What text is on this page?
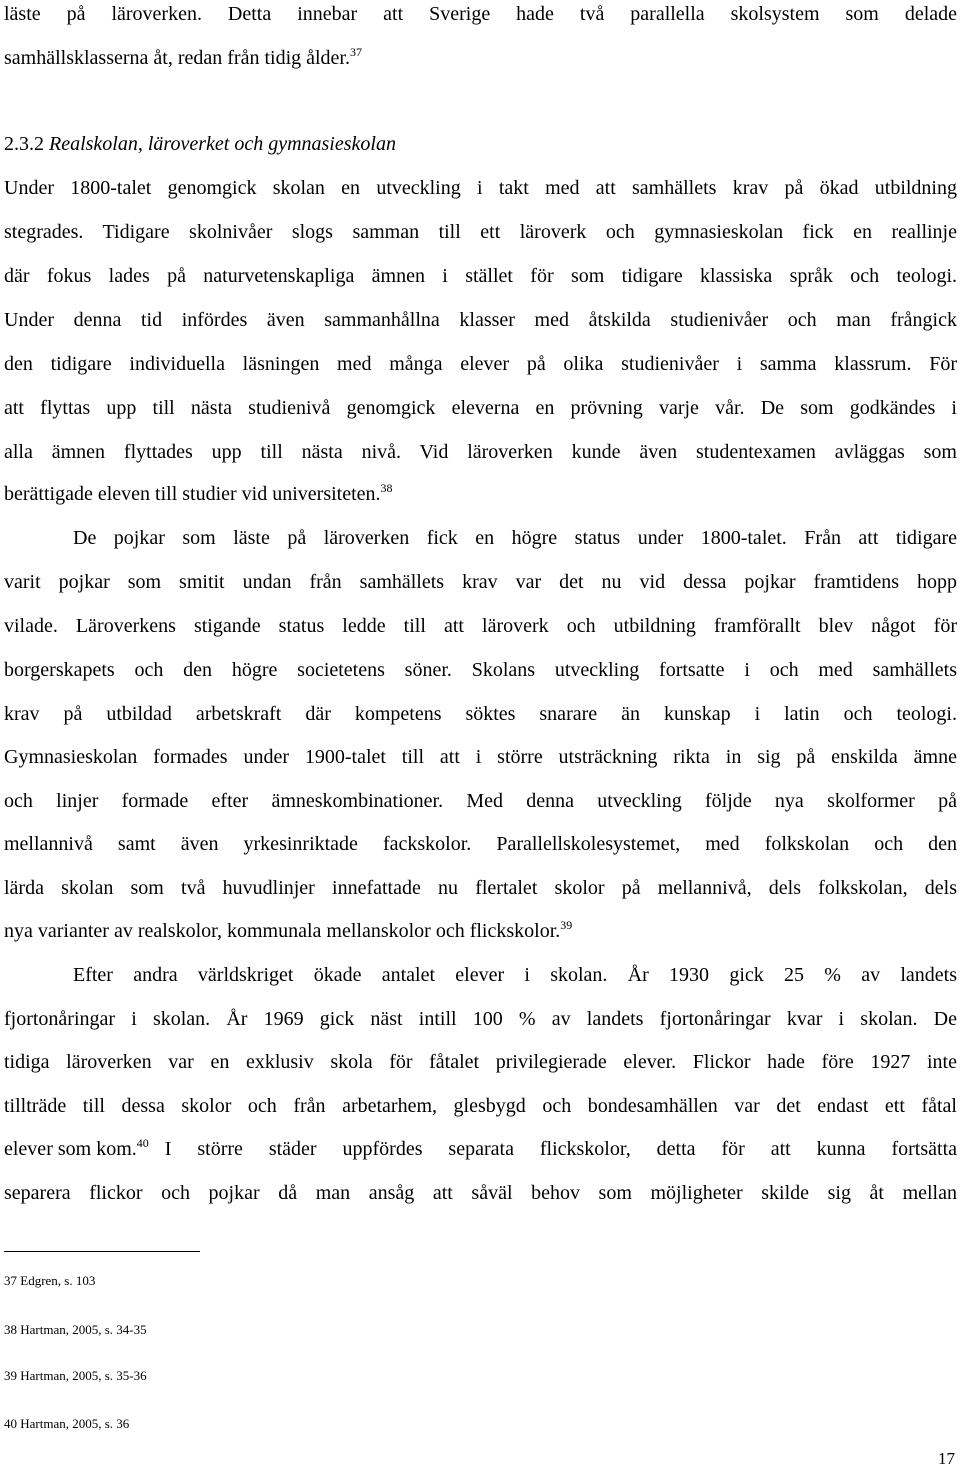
läste på läroverken. Detta innebar att Sverige hade två parallella skolsystem som delade
samhällsklasserna åt, redan från tidig ålder.$^{37}$
2.3.2 Realskolan, läroverket och gymnasieskolan
Under 1800-talet genomgick skolan en utveckling i takt med att samhällets krav på ökad utbildning
stegrades. Tidigare skolnivåer slogs samman till ett läroverk och gymnasieskolan fick en reallinje
där fokus lades på naturvetenskapliga ämnen i stället för som tidigare klassiska språk och teologi.
Under denna tid infördes även sammanhållna klasser med åtskilda studienivåer och man frångick
den tidigare individuella läsningen med många elever på olika studienivåer i samma klassrum. För
att flyttas upp till nästa studienivå genomgick eleverna en prövning varje vår. De som godkändes i
alla ämnen flyttades upp till nästa nivå. Vid läroverken kunde även studentexamen avläggas som
berättigade eleven till studier vid universiteten.$^{38}$
De pojkar som läste på läroverken fick en högre status under 1800-talet. Från att tidigare
varit pojkar som smitit undan från samhällets krav var det nu vid dessa pojkar framtidens hopp
vilade. Läroverkens stigande status ledde till att läroverk och utbildning framförallt blev något för
borgerskapets och den högre societetens söner. Skolans utveckling fortsatte i och med samhällets
krav på utbildad arbetskraft där kompetens söktes snarare än kunskap i latin och teologi.
Gymnasieskolan formades under 1900-talet till att i större utsträckning rikta in sig på enskilda ämne
och linjer formade efter ämneskombinationer. Med denna utveckling följde nya skolformer på
mellannivå samt även yrkesinriktade fackskolor. Parallellskolesystemet, med folkskolan och den
lärda skolan som två huvudlinjer innefattade nu flertalet skolor på mellannivå, dels folkskolan, dels
nya varianter av realskolor, kommunala mellanskolor och flickskolor.$^{39}$
Efter andra världskriget ökade antalet elever i skolan. År 1930 gick 25 % av landets
fjortonåringar i skolan. År 1969 gick näst intill 100 % av landets fjortonåringar kvar i skolan. De
tidiga läroverken var en exklusiv skola för fåtalet privilegierade elever. Flickor hade före 1927 inte
tillträde till dessa skolor och från arbetarhem, glesbygd och bondesamhällen var det endast ett fåtal
elever som kom.$^{40}$ I större städer uppfördes separata flickskolor, detta för att kunna fortsätta
separera flickor och pojkar då man ansåg att såväl behov som möjligheter skilde sig åt mellan
37 Edgren, s. 103
38 Hartman, 2005, s. 34-35
39 Hartman, 2005, s. 35-36
40 Hartman, 2005, s. 36
17
